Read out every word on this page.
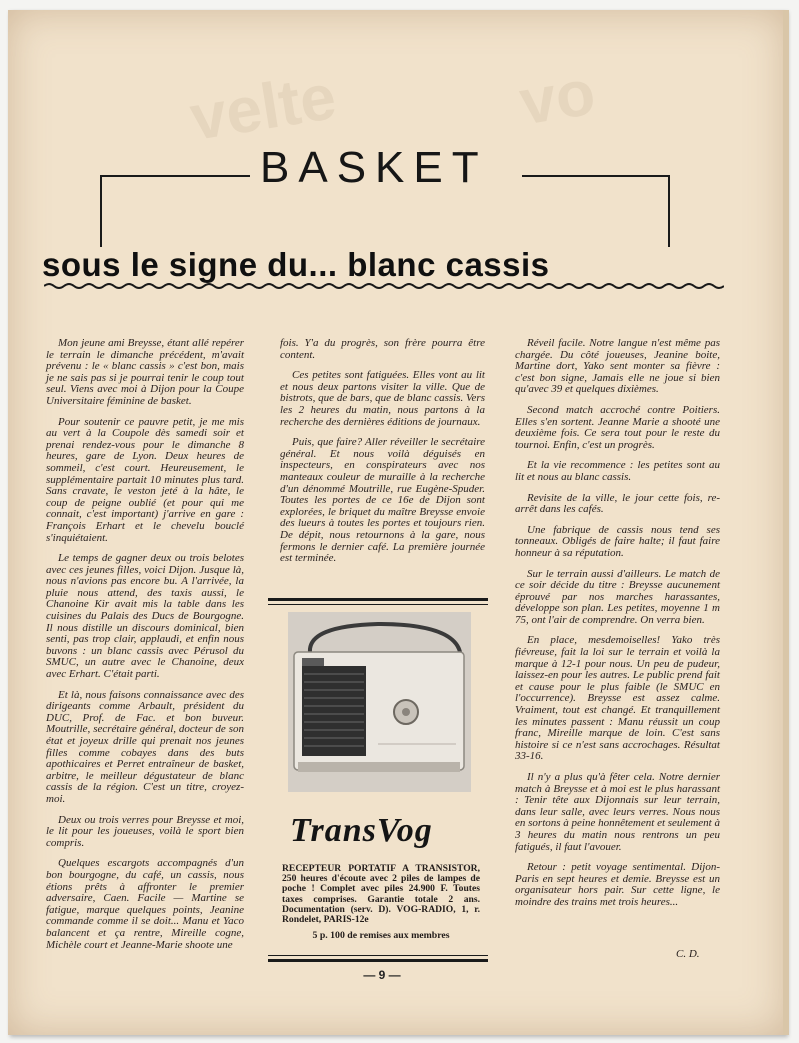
velte	vo
BASKET
sous le signe du... blanc cassis

Mon jeune ami Breysse, étant allé repérer le terrain le dimanche précédent, m'avait prévenu : le « blanc cassis » c'est bon, mais je ne sais pas si je pourrai tenir le coup tout seul. Viens avec moi à Dijon pour la Coupe Universitaire féminine de basket.

Pour soutenir ce pauvre petit, je me mis au vert à la Coupole dès samedi soir et prenai rendez-vous pour le dimanche 8 heures, gare de Lyon. Deux heures de sommeil, c'est court. Heureusement, le supplémentaire partait 10 minutes plus tard. Sans cravate, le veston jeté à la hâte, le coup de peigne oublié (et pour qui me connait, c'est important) j'arrive en gare : François Erhart et le chevelu bouclé s'inquiétaient.

Le temps de gagner deux ou trois belotes avec ces jeunes filles, voici Dijon. Jusque là, nous n'avions pas encore bu. A l'arrivée, la pluie nous attend, des taxis aussi, le Chanoine Kir avait mis la table dans les cuisines du Palais des Ducs de Bourgogne. Il nous distille un discours dominical, bien senti, pas trop clair, applaudi, et enfin nous buvons : un blanc cassis avec Pérusol du SMUC, un autre avec le Chanoine, deux avec Erhart. C'était parti.

Et là, nous faisons connaissance avec des dirigeants comme Arbault, président du DUC, Prof. de Fac. et bon buveur. Moutrille, secrétaire général, docteur de son état et joyeux drille qui prenait nos jeunes filles comme cobayes dans des buts apothicaires et Perret entraîneur de basket, arbitre, le meilleur dégustateur de blanc cassis de la région. C'est un titre, croyez-moi.

Deux ou trois verres pour Breysse et moi, le lit pour les joueuses, voilà le sport bien compris.

Quelques escargots accompagnés d'un bon bourgogne, du café, un cassis, nous étions prêts à affronter le premier adversaire, Caen. Facile — Martine se fatigue, marque quelques points, Jeanine commande comme il se doit... Manu et Yaco balancent et ça rentre, Mireille cogne, Michèle court et Jeanne-Marie shoote une

fois. Y'a du progrès, son frère pourra être content.

Ces petites sont fatiguées. Elles vont au lit et nous deux partons visiter la ville. Que de bistrots, que de bars, que de blanc cassis. Vers les 2 heures du matin, nous partons à la recherche des dernières éditions de journaux.

Puis, que faire? Aller réveiller le secrétaire général. Et nous voilà déguisés en inspecteurs, en conspirateurs avec nos manteaux couleur de muraille à la recherche d'un dénommé Moutrille, rue Eugène-Spuder. Toutes les portes de ce 16e de Dijon sont explorées, le briquet du maître Breysse envoie des lueurs à toutes les portes et toujours rien. De dépit, nous retournons à la gare, nous fermons le dernier café. La première journée est terminée.

Réveil facile. Notre langue n'est même pas chargée. Du côté joueuses, Jeanine boite, Martine dort, Yako sent monter sa fièvre : c'est bon signe, Jamais elle ne joue si bien qu'avec 39 et quelques dixièmes.

Second match accroché contre Poitiers. Elles s'en sortent. Jeanne Marie a shooté une deuxième fois. Ce sera tout pour le reste du tournoi. Enfin, c'est un progrès.

Et la vie recommence : les petites sont au lit et nous au blanc cassis.

Revisite de la ville, le jour cette fois, re-arrêt dans les cafés.

Une fabrique de cassis nous tend ses tonneaux. Obligés de faire halte; il faut faire honneur à sa réputation.

Sur le terrain aussi d'ailleurs. Le match de ce soir décide du titre : Breysse aucunement éprouvé par nos marches harassantes, développe son plan. Les petites, moyenne 1 m 75, ont l'air de comprendre. On verra bien.

En place, mesdemoiselles! Yako très fiévreuse, fait la loi sur le terrain et voilà la marque à 12-1 pour nous. Un peu de pudeur, laissez-en pour les autres. Le public prend fait et cause pour le plus faible (le SMUC en l'occurrence). Breysse est assez calme. Vraiment, tout est changé. Et tranquillement les minutes passent : Manu réussit un coup franc, Mireille marque de loin. C'est sans histoire si ce n'est sans accrochages. Résultat 33-16.

Il n'y a plus qu'à fêter cela. Notre dernier match à Breysse et à moi est le plus harassant : Tenir tête aux Dijonnais sur leur terrain, dans leur salle, avec leurs verres. Nous nous en sortons à peine honnêtement et seulement à 3 heures du matin nous rentrons un peu fatigués, il faut l'avouer.

Retour : petit voyage sentimental. Dijon-Paris en sept heures et demie. Breysse est un organisateur hors pair. Sur cette ligne, le moindre des trains met trois heures...

C. D.
TransVog
RECEPTEUR PORTATIF A TRANSISTOR, 250 heures d'écoute avec 2 piles de lampes de poche ! Complet avec piles 24.900 F. Toutes taxes comprises. Garantie totale 2 ans. Documentation (serv. D). VOG-RADIO, 1, r. Rondelet, PARIS-12e
5 p. 100 de remises aux membres
— 9 —
